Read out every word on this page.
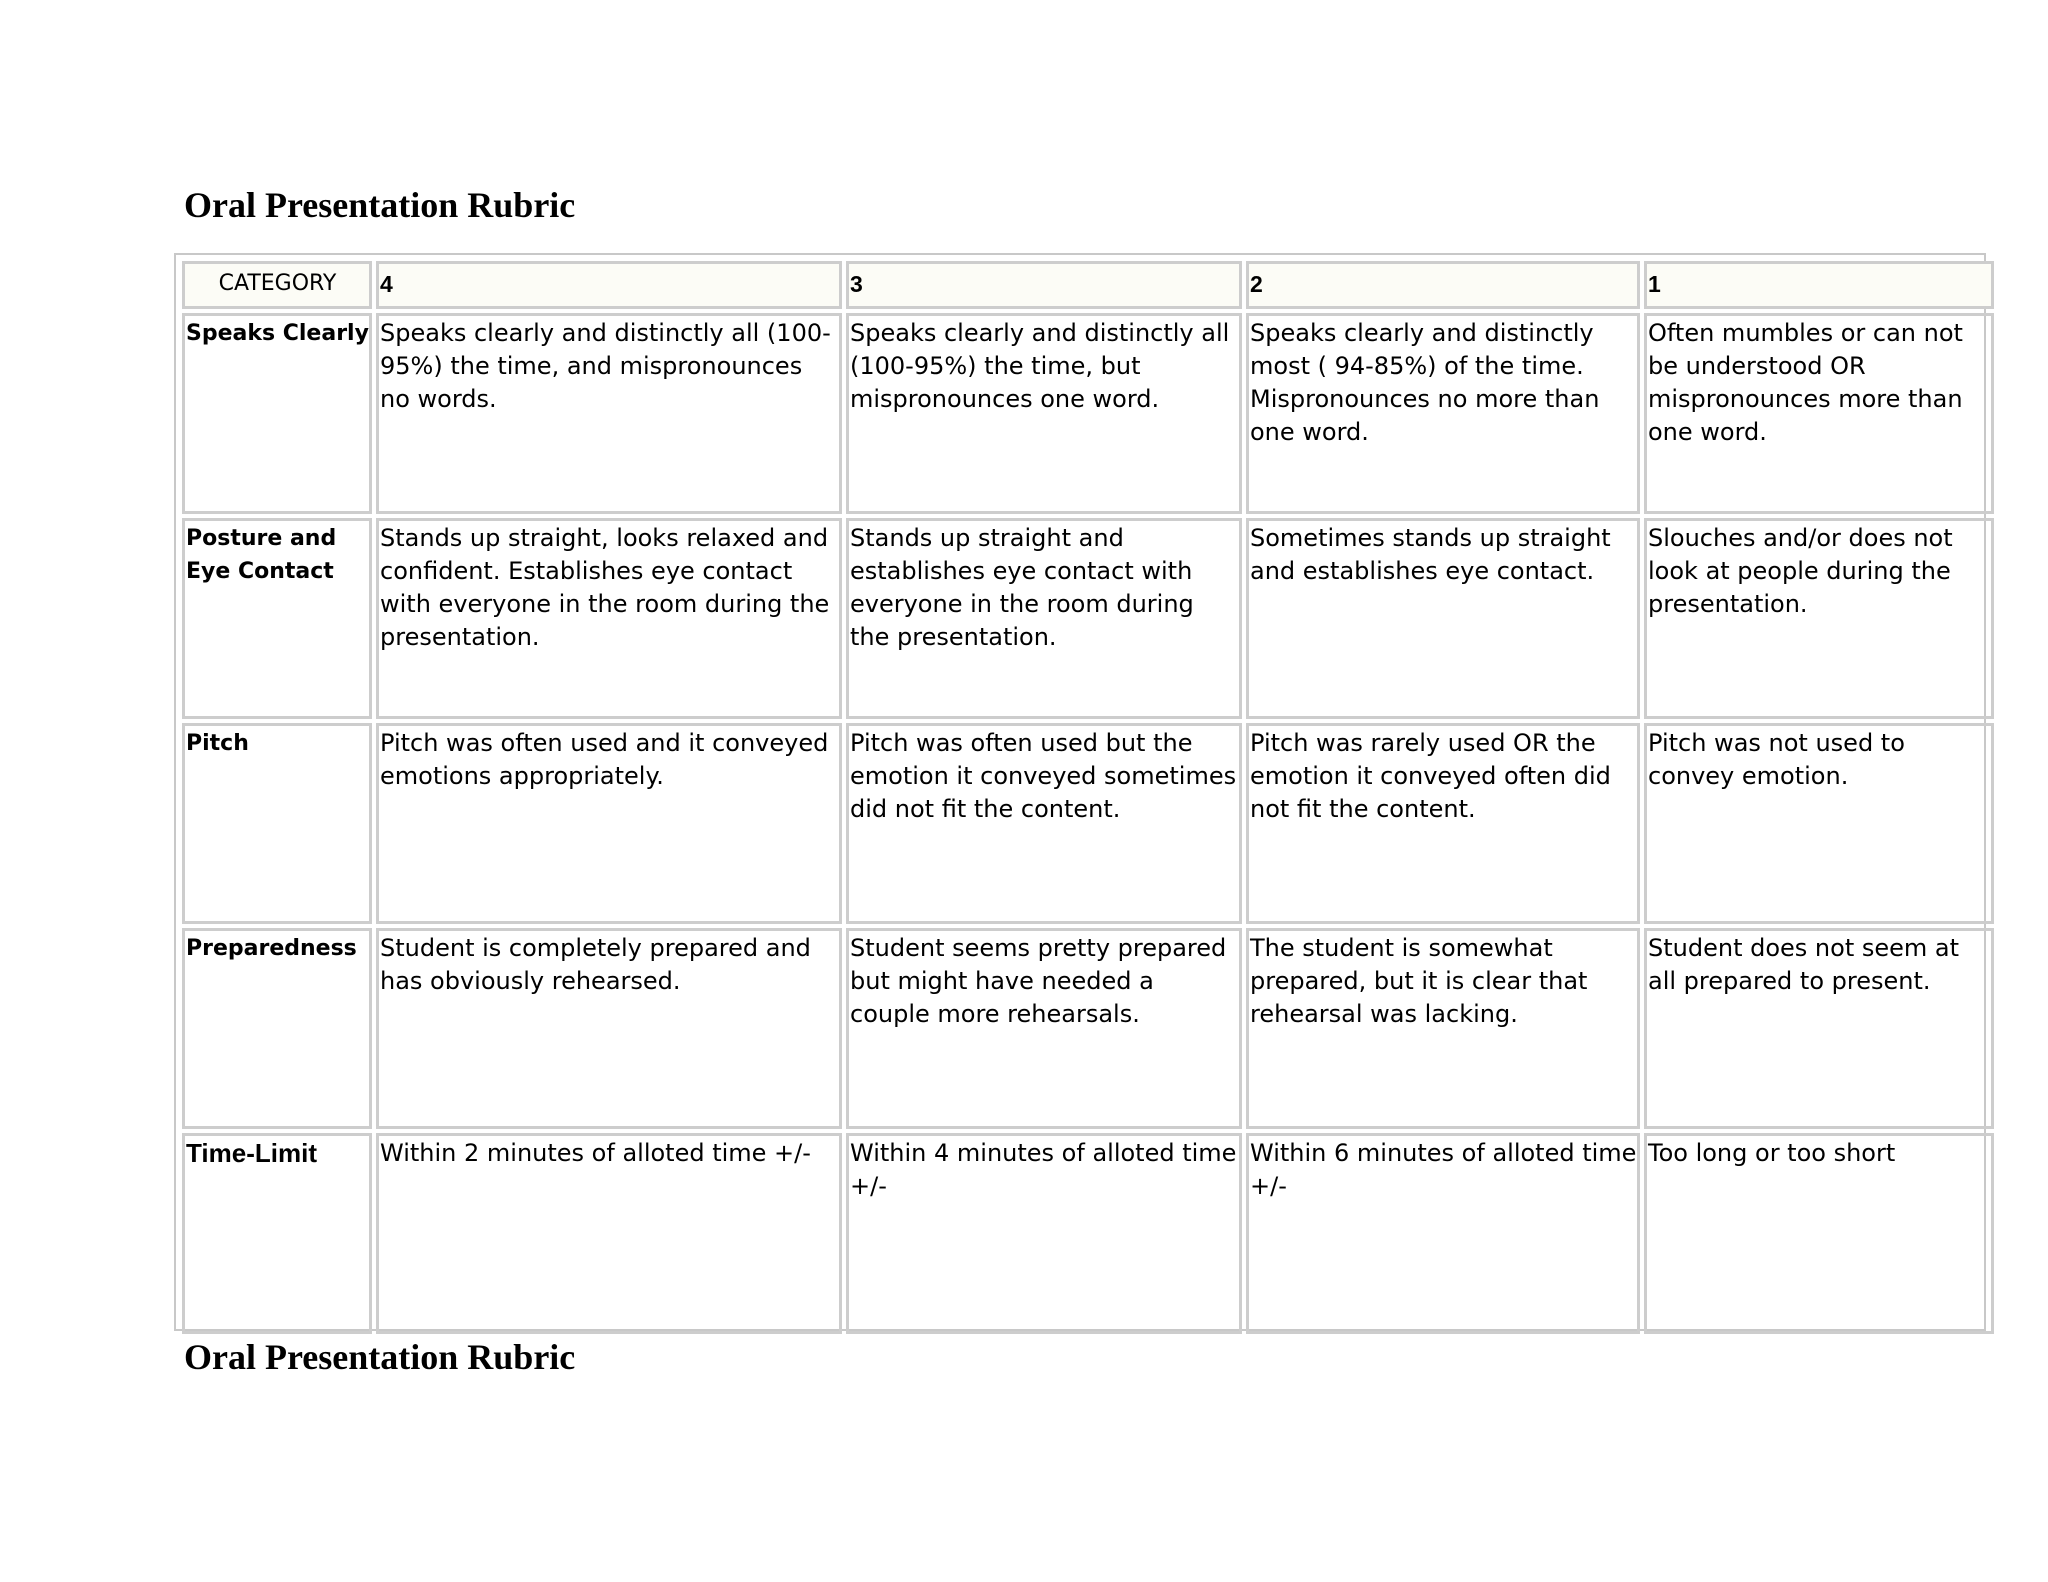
Oral Presentation Rubric
CATEGORY	4	3	2	1
Speaks Clearly	Speaks clearly and distinctly all (100-95%) the time, and mispronounces no words.	Speaks clearly and distinctly all (100-95%) the time, but mispronounces one word.	Speaks clearly and distinctly most ( 94-85%) of the time. Mispronounces no more than one word.	Often mumbles or can not be understood OR mispronounces more than one word.
Posture and Eye Contact	Stands up straight, looks relaxed and confident. Establishes eye contact with everyone in the room during the presentation.	Stands up straight and establishes eye contact with everyone in the room during the presentation.	Sometimes stands up straight and establishes eye contact.	Slouches and/or does not look at people during the presentation.
Pitch	Pitch was often used and it conveyed emotions appropriately.	Pitch was often used but the emotion it conveyed sometimes did not fit the content.	Pitch was rarely used OR the emotion it conveyed often did not fit the content.	Pitch was not used to convey emotion.
Preparedness	Student is completely prepared and has obviously rehearsed.	Student seems pretty prepared but might have needed a couple more rehearsals.	The student is somewhat prepared, but it is clear that rehearsal was lacking.	Student does not seem at all prepared to present.
Time-Limit	Within 2 minutes of alloted time +/-	Within 4 minutes of alloted time +/-	Within 6 minutes of alloted time +/-	Too long or too short
Oral Presentation Rubric
